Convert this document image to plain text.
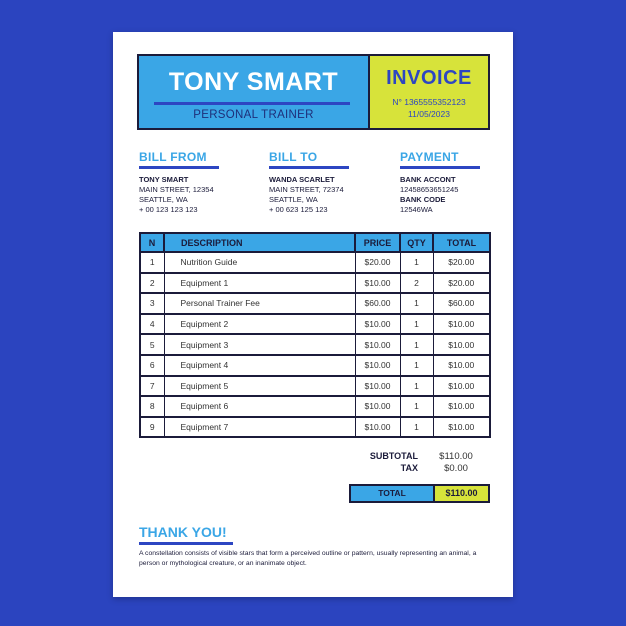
TONY SMART
PERSONAL TRAINER
INVOICE
N° 1365555352123
11/05/2023
BILL FROM
TONY SMART
MAIN STREET, 12354
SEATTLE, WA
+ 00 123 123 123
BILL TO
WANDA SCARLET
MAIN STREET, 72374
SEATTLE, WA
+ 00 623 125 123
PAYMENT
BANK ACCONT
12458653651245
BANK CODE
12546WA
N	DESCRIPTION	PRICE	QTY	TOTAL
1	Nutrition Guide	$20.00	1	$20.00
2	Equipment 1	$10.00	2	$20.00
3	Personal Trainer Fee	$60.00	1	$60.00
4	Equipment 2	$10.00	1	$10.00
5	Equipment 3	$10.00	1	$10.00
6	Equipment 4	$10.00	1	$10.00
7	Equipment 5	$10.00	1	$10.00
8	Equipment 6	$10.00	1	$10.00
9	Equipment 7	$10.00	1	$10.00
SUBTOTAL	$110.00
TAX	$0.00
TOTAL	$110.00
THANK YOU!
A constellation consists of visible stars that form a perceived outline or pattern, usually representing an animal, a person or mythological creature, or an inanimate object.
